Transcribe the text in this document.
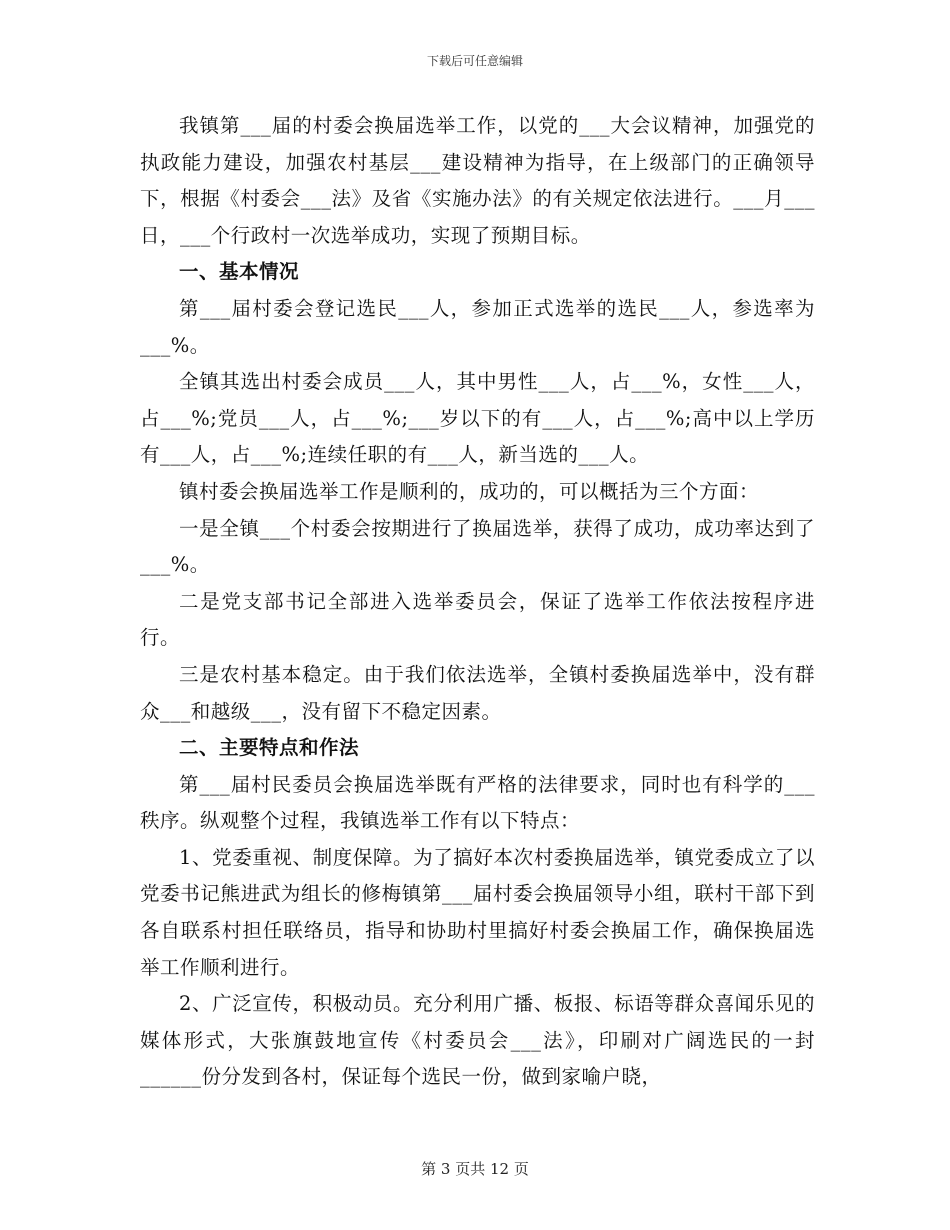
下载后可任意编辑

我镇第___届的村委会换届选举工作，以党的___大会议精神，加强党的执政能力建设，加强农村基层___建设精神为指导，在上级部门的正确领导下，根据《村委会___法》及省《实施办法》的有关规定依法进行。___月___日，___个行政村一次选举成功，实现了预期目标。

一、基本情况

第___届村委会登记选民___人，参加正式选举的选民___人，参选率为___%。

全镇其选出村委会成员___人，其中男性___人，占___%，女性___人，占___%;党员___人，占___%;___岁以下的有___人，占___%;高中以上学历有___人，占___%;连续任职的有___人，新当选的___人。

镇村委会换届选举工作是顺利的，成功的，可以概括为三个方面：

一是全镇___个村委会按期进行了换届选举，获得了成功，成功率达到了___%。

二是党支部书记全部进入选举委员会，保证了选举工作依法按程序进行。

三是农村基本稳定。由于我们依法选举，全镇村委换届选举中，没有群众___和越级___，没有留下不稳定因素。

二、主要特点和作法

第___届村民委员会换届选举既有严格的法律要求，同时也有科学的___秩序。纵观整个过程，我镇选举工作有以下特点：

1、党委重视、制度保障。为了搞好本次村委换届选举，镇党委成立了以党委书记熊进武为组长的修梅镇第___届村委会换届领导小组，联村干部下到各自联系村担任联络员，指导和协助村里搞好村委会换届工作，确保换届选举工作顺利进行。

2、广泛宣传，积极动员。充分利用广播、板报、标语等群众喜闻乐见的媒体形式，大张旗鼓地宣传《村委员会___法》，印刷对广阔选民的一封______份分发到各村，保证每个选民一份，做到家喻户晓，

第 3 页共 12 页
